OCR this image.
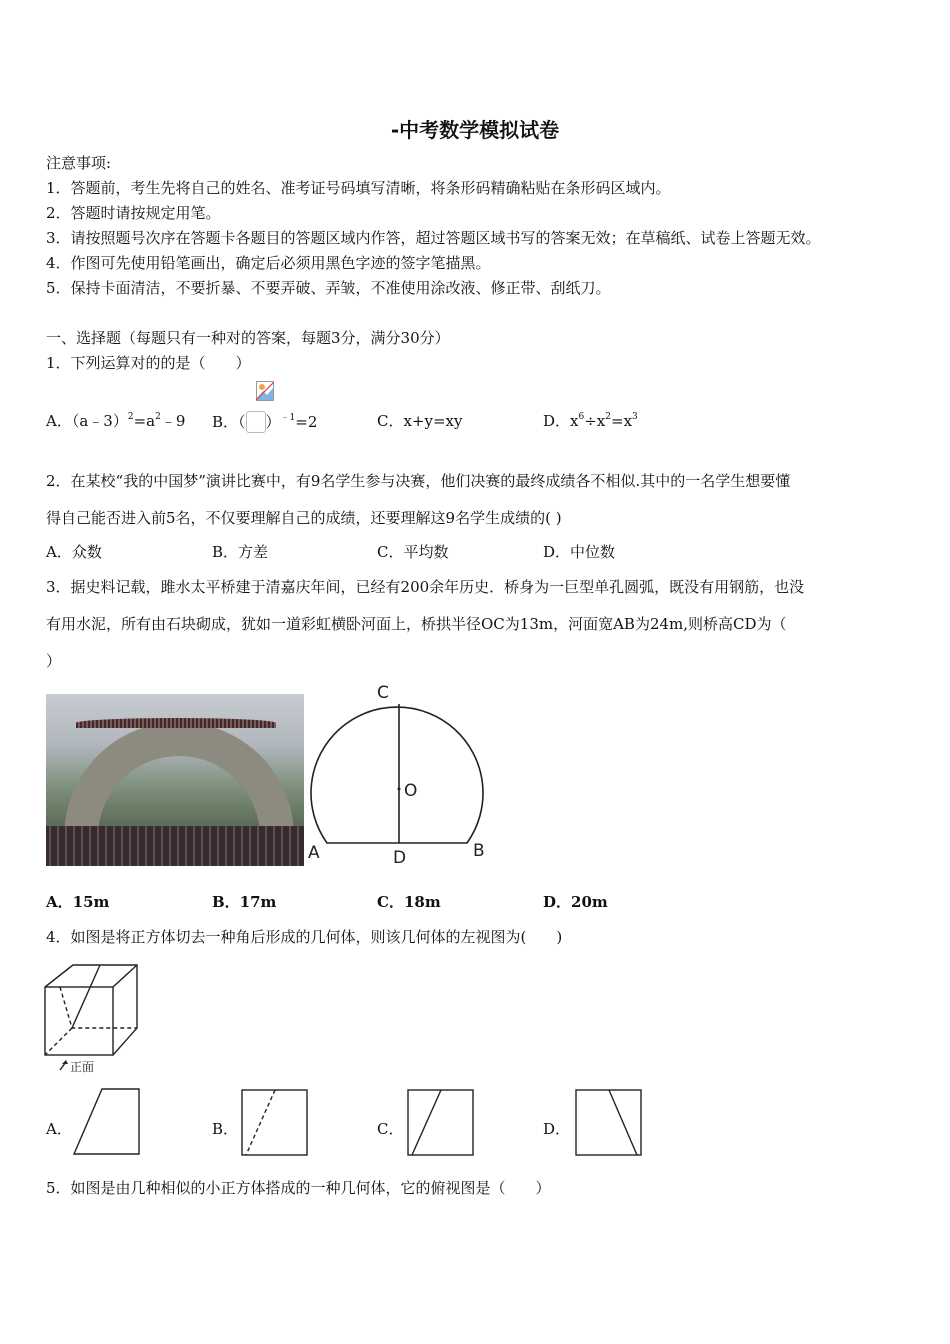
-中考数学模拟试卷
注意事项:
1．答题前，考生先将自己的姓名、准考证号码填写清晰，将条形码精确粘贴在条形码区域内。
2．答题时请按规定用笔。
3．请按照题号次序在答题卡各题目的答题区域内作答，超过答题区域书写的答案无效；在草稿纸、试卷上答题无效。
4．作图可先使用铅笔画出，确定后必须用黑色字迹的签字笔描黑。
5．保持卡面清洁，不要折暴、不要弄破、弄皱，不准使用涂改液、修正带、刮纸刀。
一、选择题（每题只有一种对的答案，每题3分，满分30分）
1．下列运算对的的是（　　）
A．$(a﹣3)^2=a^2﹣9$ B．（ ）$^{﹣1}$=2	C．x+y=xy	D．$x^6\div x^2=x^3$
2．在某校“我的中国梦”演讲比赛中，有9名学生参与决赛，他们决赛的最终成绩各不相似.其中的一名学生想要懂
得自己能否进入前5名，不仅要理解自己的成绩，还要理解这9名学生成绩的( )
A．众数	B．方差	C．平均数	D．中位数
3．据史料记载，雎水太平桥建于清嘉庆年间，已经有200余年历史．桥身为一巨型单孔圆弧，既没有用钢筋，也没
有用水泥，所有由石块砌成，犹如一道彩虹横卧河面上，桥拱半径OC为13m，河面宽AB为24m,则桥高CD为（
）
C
O
A	D	B
A．15m	B．17m	C．18m	D．20m
4．如图是将正方体切去一种角后形成的几何体，则该几何体的左视图为(　　)
正面
A．	B．	C．	D．
5．如图是由几种相似的小正方体搭成的一种几何体，它的俯视图是（　　）
